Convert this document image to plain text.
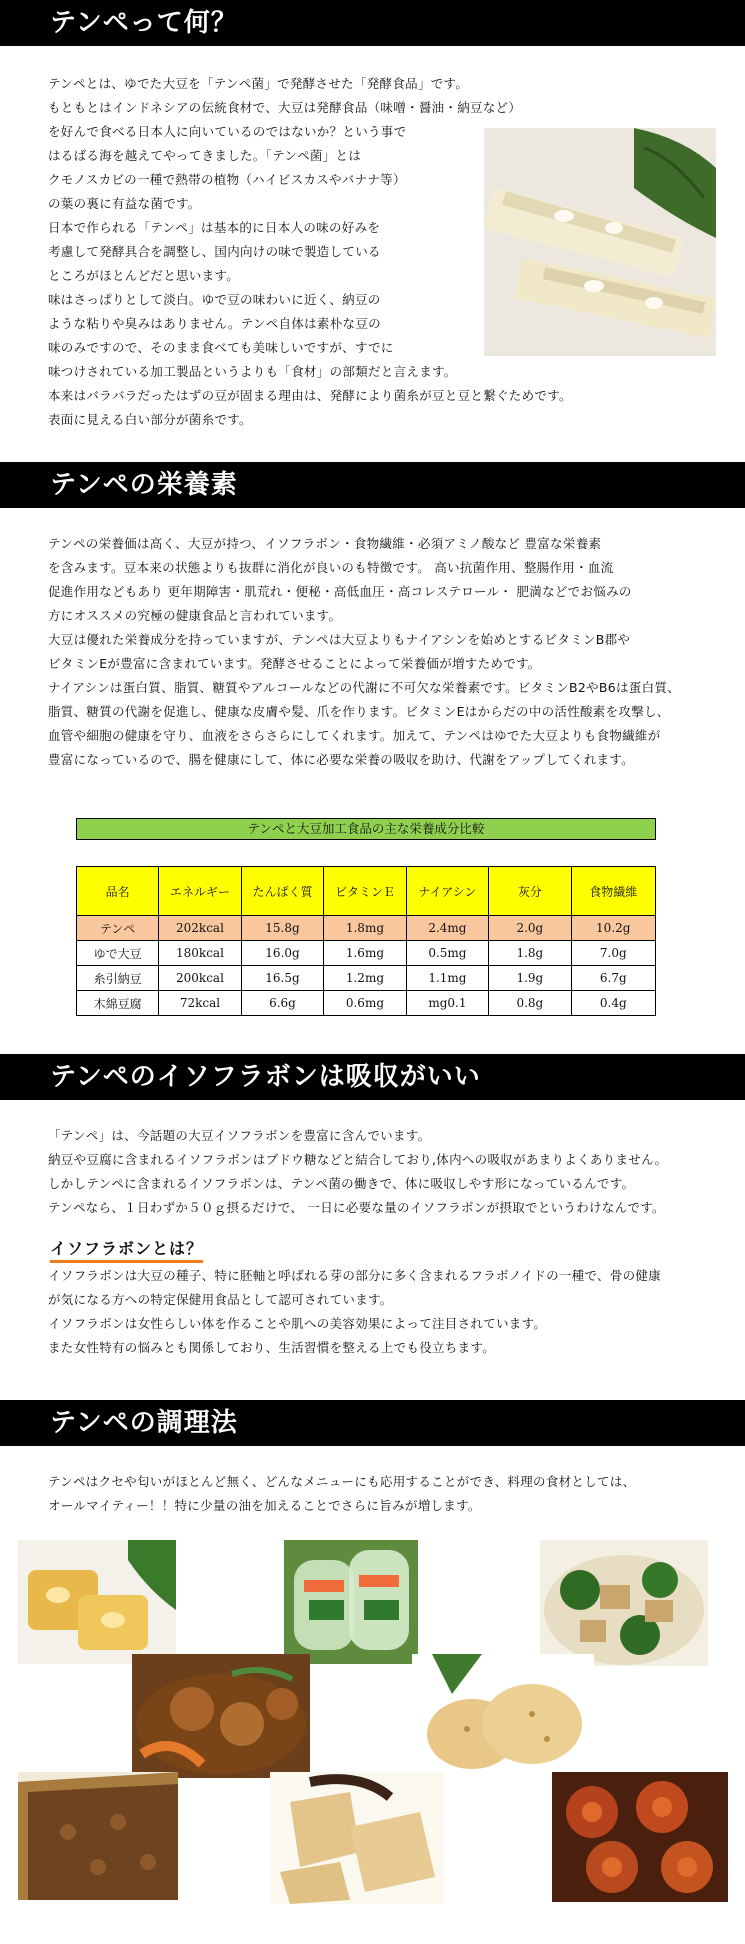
テンペって何？
テンペとは、ゆでた大豆を「テンペ菌」で発酵させた「発酵食品」です。
もともとはインドネシアの伝統食材で、大豆は発酵食品（味噌・醤油・納豆など）
を好んで食べる日本人に向いているのではないか？という事で
はるばる海を越えてやってきました。「テンペ菌」とは
クモノスカビの一種で熱帯の植物（ハイビスカスやバナナ等）
の葉の裏に有益な菌です。
日本で作られる「テンペ」は基本的に日本人の味の好みを
考慮して発酵具合を調整し、国内向けの味で製造している
ところがほとんどだと思います。
味はさっぱりとして淡白。ゆで豆の味わいに近く、納豆の
ような粘りや臭みはありません。テンペ自体は素朴な豆の
味のみですので、そのまま食べても美味しいですが、すでに
味つけされている加工製品というよりも「食材」の部類だと言えます。
本来はバラバラだったはずの豆が固まる理由は、発酵により菌糸が豆と豆と繋ぐためです。
表面に見える白い部分が菌糸です。
テンペの栄養素
テンペの栄養価は高く、大豆が持つ、イソフラボン・食物繊維・必須アミノ酸など 豊富な栄養素
を含みます。豆本来の状態よりも抜群に消化が良いのも特徴です。 高い抗菌作用、整腸作用・血流
促進作用などもあり 更年期障害・肌荒れ・便秘・高低血圧・高コレステロール・ 肥満などでお悩みの
方にオススメの究極の健康食品と言われています。
大豆は優れた栄養成分を持っていますが、テンペは大豆よりもナイアシンを始めとするビタミンB郡や
ビタミンEが豊富に含まれています。発酵させることによって栄養価が増すためです。
ナイアシンは蛋白質、脂質、糖質やアルコールなどの代謝に不可欠な栄養素です。ビタミンB2やB6は蛋白質、
脂質、糖質の代謝を促進し、健康な皮膚や髪、爪を作ります。ビタミンEはからだの中の活性酸素を攻撃し、
血管や細胞の健康を守り、血液をさらさらにしてくれます。加えて、テンペはゆでた大豆よりも食物繊維が
豊富になっているので、腸を健康にして、体に必要な栄養の吸収を助け、代謝をアップしてくれます。
テンペと大豆加工食品の主な栄養成分比較
品名	エネルギー	たんぱく質	ビタミンＥ	ナイアシン	灰分	食物繊維
テンペ	202kcal	15.8g	1.8mg	2.4mg	2.0g	10.2g
ゆで大豆	180kcal	16.0g	1.6mg	0.5mg	1.8g	7.0g
糸引納豆	200kcal	16.5g	1.2mg	1.1mg	1.9g	6.7g
木綿豆腐	72kcal	6.6g	0.6mg	mg0.1	0.8g	0.4g
テンペのイソフラボンは吸収がいい
「テンペ」は、今話題の大豆イソフラボンを豊富に含んでいます。
納豆や豆腐に含まれるイソフラボンはブドウ糖などと結合しており,体内への吸収があまりよくありません。
しかしテンペに含まれるイソフラボンは、テンペ菌の働きで、体に吸収しやす形になっているんです。
テンペなら、１日わずか５０ｇ摂るだけで、 一日に必要な量のイソフラボンが摂取でというわけなんです。
イソフラボンとは？
イソフラボンは大豆の種子、特に胚軸と呼ばれる芽の部分に多く含まれるフラボノイドの一種で、骨の健康
が気になる方への特定保健用食品として認可されています。
イソフラボンは女性らしい体を作ることや肌への美容効果によって注目されています。
また女性特有の悩みとも関係しており、生活習慣を整える上でも役立ちます。
テンペの調理法
テンペはクセや匂いがほとんど無く、どんなメニューにも応用することができ、料理の食材としては、
オールマイティー！！特に少量の油を加えることでさらに旨みが増します。
